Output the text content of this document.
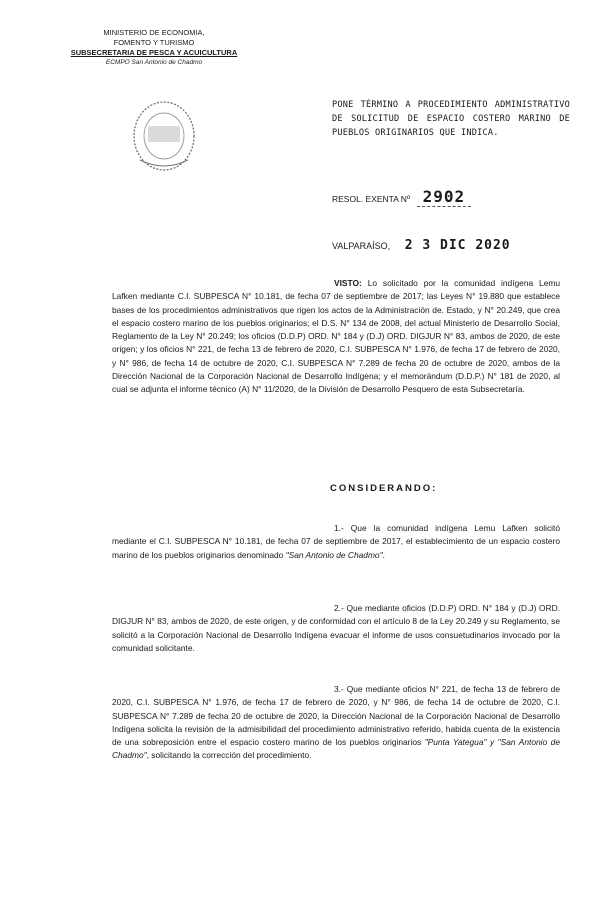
MINISTERIO DE ECONOMIA,
FOMENTO Y TURISMO
SUBSECRETARIA DE PESCA Y ACUICULTURA
ECMPO San Antonio de Chadmo
PONE TÉRMINO A PROCEDIMIENTO ADMINISTRATIVO DE SOLICITUD DE ESPACIO COSTERO MARINO DE PUEBLOS ORIGINARIOS QUE INDICA.
RESOL. EXENTA Nº 2902
VALPARAÍSO, 2 3 DIC 2020
VISTO: Lo solicitado por la comunidad indígena Lemu Lafken mediante C.I. SUBPESCA N° 10.181, de fecha 07 de septiembre de 2017; las Leyes N° 19.880 que establece bases de los procedimientos administrativos que rigen los actos de la Administración de. Estado, y N° 20.249, que crea el espacio costero marino de los pueblos originarios; el D.S. N° 134 de 2008, del actual Ministerio de Desarrollo Social, Reglamento de la Ley N° 20.249; los oficios (D.D.P) ORD. N° 184 y (D.J) ORD. DIGJUR N° 83, ambos de 2020, de este origen; y los oficios N° 221, de fecha 13 de febrero de 2020, C.I. SUBPESCA N° 1.976, de fecha 17 de febrero de 2020, y N° 986, de fecha 14 de octubre de 2020, C.I. SUBPESCA N° 7.289 de fecha 20 de octubre de 2020, ambos de la Dirección Nacional de la Corporación Nacional de Desarrollo Indígena; y el memorándum (D.D.P.) N° 181 de 2020, al cual se adjunta el informe técnico (A) N° 11/2020, de la División de Desarrollo Pesquero de esta Subsecretaría.
CONSIDERANDO:
1.- Que la comunidad indígena Lemu Lafken solicitó mediante el C.I. SUBPESCA N° 10.181, de fecha 07 de septiembre de 2017, el establecimiento de un espacio costero marino de los pueblos originarios denominado "San Antonio de Chadmo".
2.- Que mediante oficios (D.D.P) ORD. N° 184 y (D.J) ORD. DIGJUR N° 83, ambos de 2020, de este origen, y de conformidad con el artículo 8 de la Ley 20.249 y su Reglamento, se solicitó a la Corporación Nacional de Desarrollo Indígena evacuar el informe de usos consuetudinarios invocado por la comunidad solicitante.
3.- Que mediante oficios N° 221, de fecha 13 de febrero de 2020, C.I. SUBPESCA N° 1.976, de fecha 17 de febrero de 2020, y N° 986, de fecha 14 de octubre de 2020, C.I. SUBPESCA N° 7.289 de fecha 20 de octubre de 2020, la Dirección Nacional de la Corporación Nacional de Desarrollo Indígena solicita la revisión de la admisibilidad del procedimiento administrativo referido, habida cuenta de la existencia de una sobreposición entre el espacio costero marino de los pueblos originarios "Punta Yategua" y "San Antonio de Chadmo", solicitando la corrección del procedimiento.
